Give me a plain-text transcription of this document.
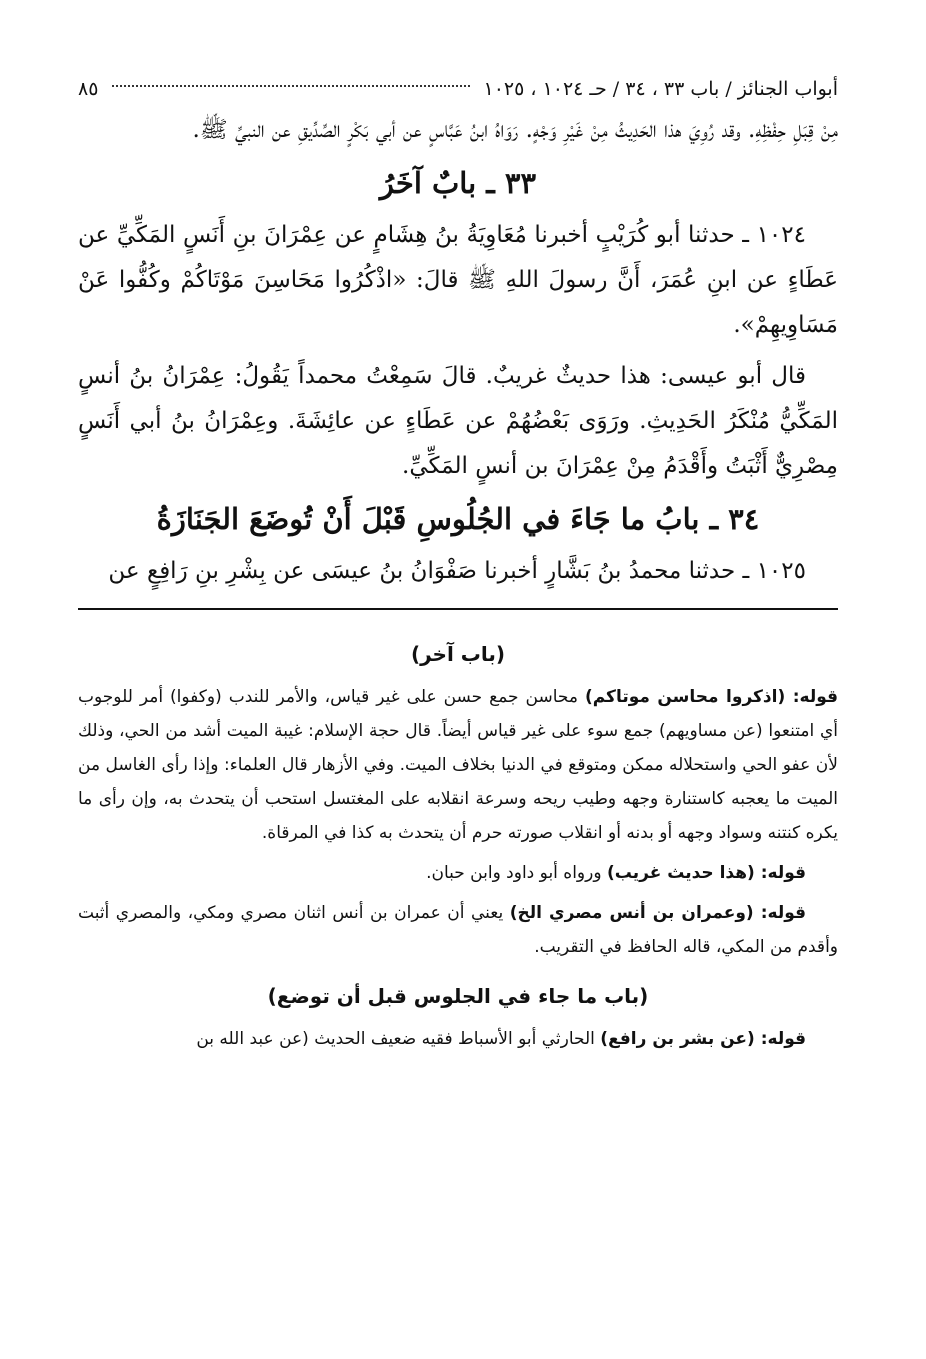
أبواب الجنائز / باب ٣٣ ، ٣٤ / حـ ١٠٢٤ ، ١٠٢٥
٨٥

مِنْ قِبَلِ حِفْظِهِ. وقد رُوِيَ هذا الحَدِيثُ مِنْ غَيْرِ وَجْهٍ. رَوَاهُ ابنُ عَبَّاسٍ عن أبي بَكْرٍ الصِّدِّيقِ عن النبيِّ ﷺ.

٣٣ ـ بابٌ آخَرُ

١٠٢٤ ـ حدثنا أبو كُرَيْبٍ أخبرنا مُعَاوِيَةُ بنُ هِشَامٍ عن عِمْرَانَ بنِ أَنَسٍ المَكِّيِّ عن عَطَاءٍ عن ابنِ عُمَرَ، أَنَّ رسولَ اللهِ ﷺ قالَ: «اذْكُرُوا مَحَاسِنَ مَوْتَاكُمْ وكُفُّوا عَنْ مَسَاوِيهِمْ».

قال أبو عيسى: هذا حديثٌ غريبٌ. قالَ سَمِعْتُ محمداً يَقُولُ: عِمْرَانُ بنُ أنسٍ المَكِّيُّ مُنْكَرُ الحَدِيثِ. ورَوَى بَعْضُهُمْ عن عَطَاءٍ عن عائِشَةَ. وعِمْرَانُ بنُ أبي أَنَسٍ مِصْرِيٌّ أَثْبَتُ وأَقْدَمُ مِنْ عِمْرَانَ بن أنسٍ المَكِّيِّ.

٣٤ ـ بابُ ما جَاءَ في الجُلُوسِ قَبْلَ أَنْ تُوضَعَ الجَنَازَةُ

١٠٢٥ ـ حدثنا محمدُ بنُ بَشَّارٍ أخبرنا صَفْوَانُ بنُ عيسَى عن بِشْرِ بنِ رَافِعٍ عن

(باب آخر)

قوله: (اذكروا محاسن موتاكم) محاسن جمع حسن على غير قياس، والأمر للندب (وكفوا) أمر للوجوب أي امتنعوا (عن مساويهم) جمع سوء على غير قياس أيضاً. قال حجة الإسلام: غيبة الميت أشد من الحي، وذلك لأن عفو الحي واستحلاله ممكن ومتوقع في الدنيا بخلاف الميت. وفي الأزهار قال العلماء: وإذا رأى الغاسل من الميت ما يعجبه كاستنارة وجهه وطيب ريحه وسرعة انقلابه على المغتسل استحب أن يتحدث به، وإن رأى ما يكره كنتنه وسواد وجهه أو بدنه أو انقلاب صورته حرم أن يتحدث به كذا في المرقاة.

قوله: (هذا حديث غريب) ورواه أبو داود وابن حبان.

قوله: (وعمران بن أنس مصري الخ) يعني أن عمران بن أنس اثنان مصري ومكي، والمصري أثبت وأقدم من المكي، قاله الحافظ في التقريب.

(باب ما جاء في الجلوس قبل أن توضع)

قوله: (عن بشر بن رافع) الحارثي أبو الأسباط فقيه ضعيف الحديث (عن عبد الله بن
